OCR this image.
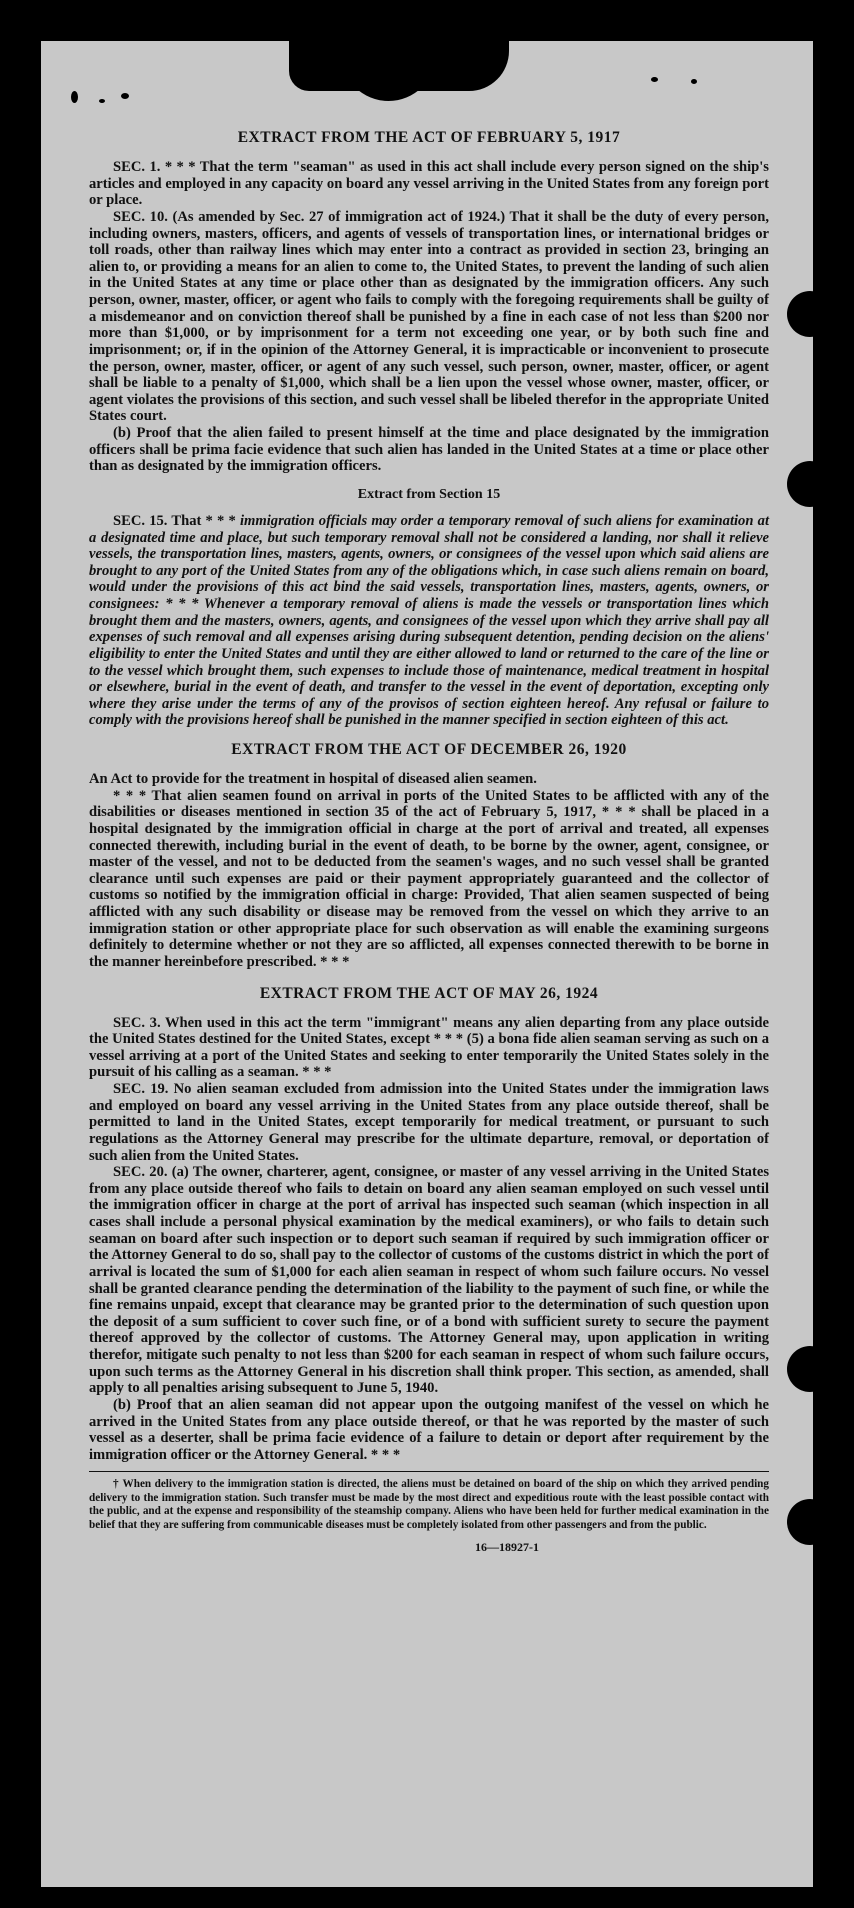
EXTRACT FROM THE ACT OF FEBRUARY 5, 1917

SEC. 1. * * * That the term "seaman" as used in this act shall include every person signed on the ship's articles and employed in any capacity on board any vessel arriving in the United States from any foreign port or place.

SEC. 10. (As amended by Sec. 27 of immigration act of 1924.) That it shall be the duty of every person, including owners, masters, officers, and agents of vessels of transportation lines, or international bridges or toll roads, other than railway lines which may enter into a contract as provided in section 23, bringing an alien to, or providing a means for an alien to come to, the United States, to prevent the landing of such alien in the United States at any time or place other than as designated by the immigration officers. Any such person, owner, master, officer, or agent who fails to comply with the foregoing requirements shall be guilty of a misdemeanor and on conviction thereof shall be punished by a fine in each case of not less than $200 nor more than $1,000, or by imprisonment for a term not exceeding one year, or by both such fine and imprisonment; or, if in the opinion of the Attorney General, it is impracticable or inconvenient to prosecute the person, owner, master, officer, or agent of any such vessel, such person, owner, master, officer, or agent shall be liable to a penalty of $1,000, which shall be a lien upon the vessel whose owner, master, officer, or agent violates the provisions of this section, and such vessel shall be libeled therefor in the appropriate United States court.

(b) Proof that the alien failed to present himself at the time and place designated by the immigration officers shall be prima facie evidence that such alien has landed in the United States at a time or place other than as designated by the immigration officers.

Extract from Section 15

SEC. 15. That * * * immigration officials may order a temporary removal of such aliens for examination at a designated time and place, but such temporary removal shall not be considered a landing, nor shall it relieve vessels, the transportation lines, masters, agents, owners, or consignees of the vessel upon which said aliens are brought to any port of the United States from any of the obligations which, in case such aliens remain on board, would under the provisions of this act bind the said vessels, transportation lines, masters, agents, owners, or consignees: * * * Whenever a temporary removal of aliens is made the vessels or transportation lines which brought them and the masters, owners, agents, and consignees of the vessel upon which they arrive shall pay all expenses of such removal and all expenses arising during subsequent detention, pending decision on the aliens' eligibility to enter the United States and until they are either allowed to land or returned to the care of the line or to the vessel which brought them, such expenses to include those of maintenance, medical treatment in hospital or elsewhere, burial in the event of death, and transfer to the vessel in the event of deportation, excepting only where they arise under the terms of any of the provisos of section eighteen hereof. Any refusal or failure to comply with the provisions hereof shall be punished in the manner specified in section eighteen of this act.

EXTRACT FROM THE ACT OF DECEMBER 26, 1920

An Act to provide for the treatment in hospital of diseased alien seamen.

* * * That alien seamen found on arrival in ports of the United States to be afflicted with any of the disabilities or diseases mentioned in section 35 of the act of February 5, 1917, * * * shall be placed in a hospital designated by the immigration official in charge at the port of arrival and treated, all expenses connected therewith, including burial in the event of death, to be borne by the owner, agent, consignee, or master of the vessel, and not to be deducted from the seamen's wages, and no such vessel shall be granted clearance until such expenses are paid or their payment appropriately guaranteed and the collector of customs so notified by the immigration official in charge: Provided, That alien seamen suspected of being afflicted with any such disability or disease may be removed from the vessel on which they arrive to an immigration station or other appropriate place for such observation as will enable the examining surgeons definitely to determine whether or not they are so afflicted, all expenses connected therewith to be borne in the manner hereinbefore prescribed. * * *

EXTRACT FROM THE ACT OF MAY 26, 1924

SEC. 3. When used in this act the term "immigrant" means any alien departing from any place outside the United States destined for the United States, except * * * (5) a bona fide alien seaman serving as such on a vessel arriving at a port of the United States and seeking to enter temporarily the United States solely in the pursuit of his calling as a seaman. * * *

SEC. 19. No alien seaman excluded from admission into the United States under the immigration laws and employed on board any vessel arriving in the United States from any place outside thereof, shall be permitted to land in the United States, except temporarily for medical treatment, or pursuant to such regulations as the Attorney General may prescribe for the ultimate departure, removal, or deportation of such alien from the United States.

SEC. 20. (a) The owner, charterer, agent, consignee, or master of any vessel arriving in the United States from any place outside thereof who fails to detain on board any alien seaman employed on such vessel until the immigration officer in charge at the port of arrival has inspected such seaman (which inspection in all cases shall include a personal physical examination by the medical examiners), or who fails to detain such seaman on board after such inspection or to deport such seaman if required by such immigration officer or the Attorney General to do so, shall pay to the collector of customs of the customs district in which the port of arrival is located the sum of $1,000 for each alien seaman in respect of whom such failure occurs. No vessel shall be granted clearance pending the determination of the liability to the payment of such fine, or while the fine remains unpaid, except that clearance may be granted prior to the determination of such question upon the deposit of a sum sufficient to cover such fine, or of a bond with sufficient surety to secure the payment thereof approved by the collector of customs. The Attorney General may, upon application in writing therefor, mitigate such penalty to not less than $200 for each seaman in respect of whom such failure occurs, upon such terms as the Attorney General in his discretion shall think proper. This section, as amended, shall apply to all penalties arising subsequent to June 5, 1940.

(b) Proof that an alien seaman did not appear upon the outgoing manifest of the vessel on which he arrived in the United States from any place outside thereof, or that he was reported by the master of such vessel as a deserter, shall be prima facie evidence of a failure to detain or deport after requirement by the immigration officer or the Attorney General. * * *

† When delivery to the immigration station is directed, the aliens must be detained on board of the ship on which they arrived pending delivery to the immigration station. Such transfer must be made by the most direct and expeditious route with the least possible contact with the public, and at the expense and responsibility of the steamship company. Aliens who have been held for further medical examination in the belief that they are suffering from communicable diseases must be completely isolated from other passengers and from the public.

16—18927-1
